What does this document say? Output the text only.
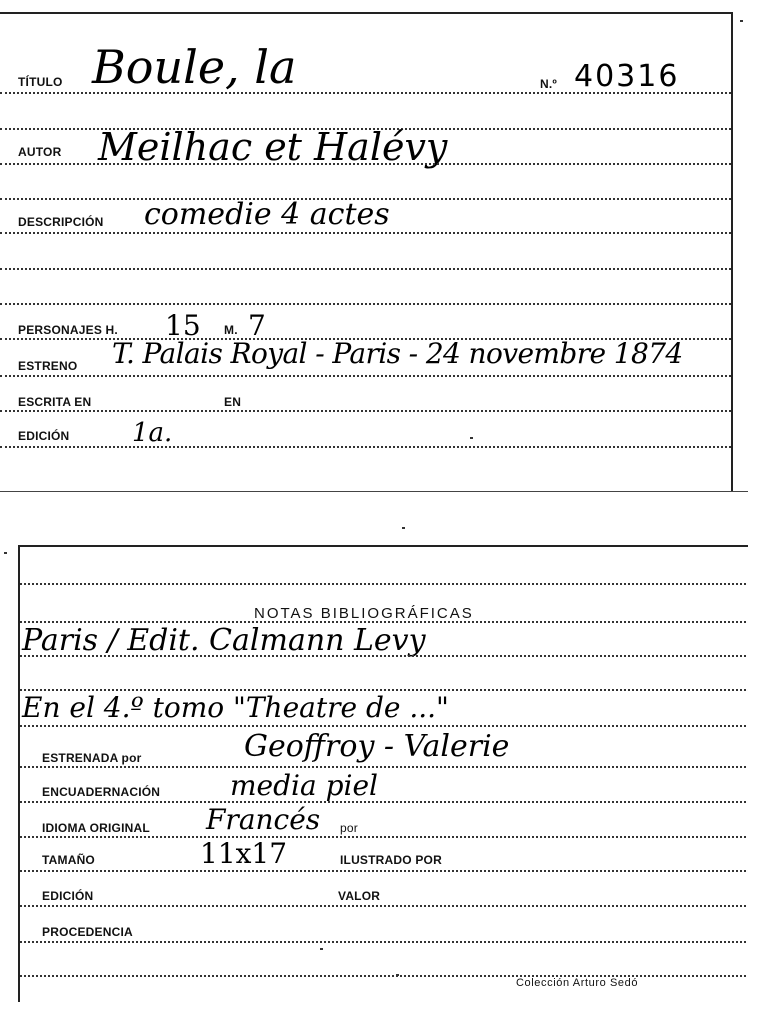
TÍTULO Boule, la	N.º 40316
AUTOR Meilhac et Halévy
DESCRIPCIÓN comedie 4 actes
PERSONAJES H. 15 M. 7
ESTRENO T. Palais Royal - Paris - 24 novembre 1874
ESCRITA EN	EN
EDICIÓN 1a.
NOTAS BIBLIOGRÁFICAS
Paris / Edit. Calmann Levy
En el 4.º tomo "Theatre de ..."
ESTRENADA por	Geoffroy - Valerie
ENCUADERNACIÓN media piel
IDIOMA ORIGINAL Francés por
TAMAÑO	11x17	ILUSTRADO POR
EDICIÓN	VALOR
PROCEDENCIA
Colección Arturo Sedó
